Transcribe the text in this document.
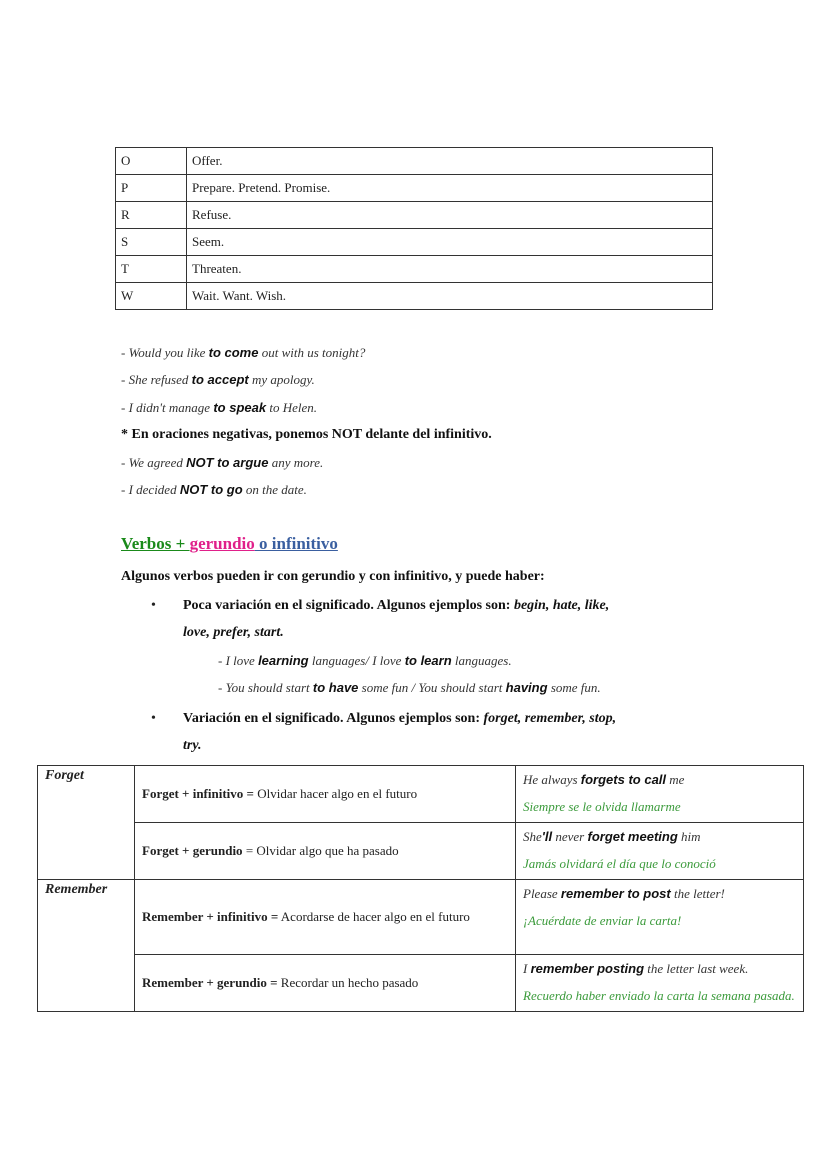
O	Offer.
P	Prepare. Pretend. Promise.
R	Refuse.
S	Seem.
T	Threaten.
W	Wait. Want. Wish.
- Would you like to come out with us tonight?
- She refused to accept my apology.
- I didn't manage to speak to Helen.
* En oraciones negativas, ponemos NOT delante del infinitivo.
- We agreed NOT to argue any more.
- I decided NOT to go on the date.
Verbos + gerundio o infinitivo
Algunos verbos pueden ir con gerundio y con infinitivo, y puede haber:
• Poca variación en el significado. Algunos ejemplos son: begin, hate, like,
love, prefer, start.
- I love learning languages/ I love to learn languages.
- You should start to have some fun / You should start having some fun.
• Variación en el significado. Algunos ejemplos son: forget, remember, stop,
try.
Forget	Forget + infinitivo = Olvidar hacer algo en el futuro	He always forgets to call me
Siempre se le olvida llamarme

	Forget + gerundio = Olvidar algo que ha pasado	She'll never forget meeting him
Jamás olvidará el día que lo conoció

Remember	Remember + infinitivo = Acordarse de hacer algo en el futuro	Please remember to post the letter!
¡Acuérdate de enviar la carta!

	Remember + gerundio = Recordar un hecho pasado	I remember posting the letter last week.
Recuerdo haber enviado la carta la semana pasada.
